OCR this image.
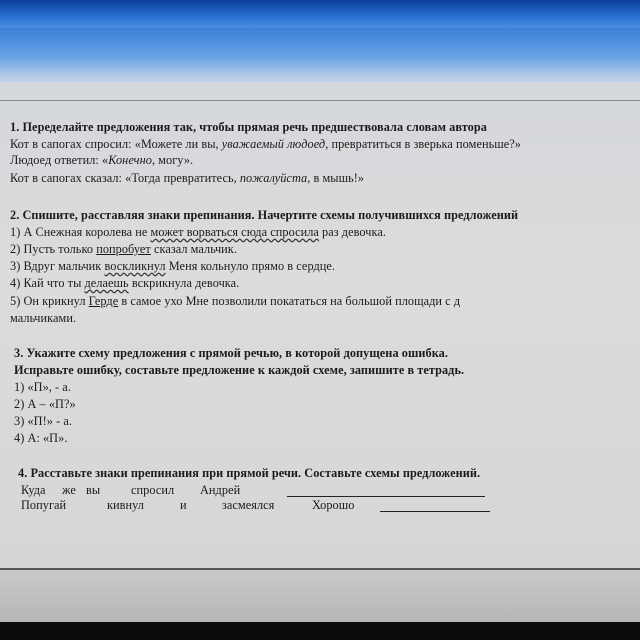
1. Переделайте предложения так, чтобы прямая речь предшествовала словам автора
Кот в сапогах спросил: «Можете ли вы, уважаемый людоед, превратиться в зверька поменьше?»
Людоед ответил: «Конечно, могу».
Кот в сапогах сказал: «Тогда превратитесь, пожалуйста, в мышь!»
2. Спишите, расставляя знаки препинания. Начертите схемы получившихся предложений
1) А Снежная королева не может ворваться сюда спросила раз девочка.
2) Пусть только попробует сказал мальчик.
3) Вдруг мальчик воскликнул Меня кольнуло прямо в сердце.
4) Кай что ты делаешь вскрикнула девочка.
5) Он крикнул Герде в самое ухо Мне позволили покататься на большой площади с д
мальчиками.
3. Укажите схему предложения с прямой речью, в которой допущена ошибка.
Исправьте ошибку, составьте предложение к каждой схеме, запишите в тетрадь.
1) «П», - а.
2) А – «П?»
3) «П!» - а.
4) А: «П».
4. Расставьте знаки препинания при прямой речи. Составьте схемы предложений.
Куда же вы	спросил Андрей
Попугай	кивнул	и	засмеялся	Хорошо
